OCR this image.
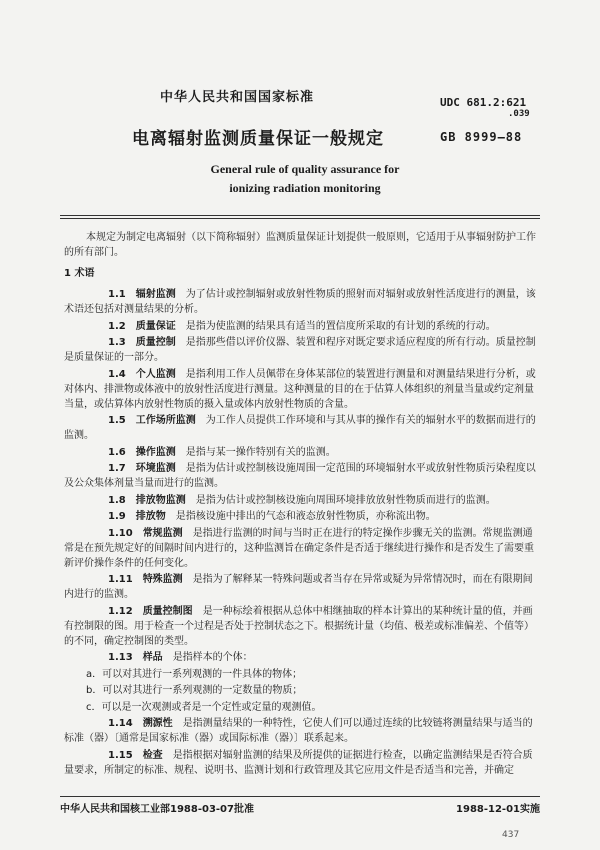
中华人民共和国国家标准	UDC 681.2:621
.039
电离辐射监测质量保证一般规定	GB 8999—88
General rule of quality assurance for
ionizing radiation monitoring

本规定为制定电离辐射（以下简称辐射）监测质量保证计划提供一般原则，它适用于从事辐射防护工作的所有部门。

1 术语

1.1  辐射监测  为了估计或控制辐射或放射性物质的照射而对辐射或放射性活度进行的测量，该术语还包括对测量结果的分析。

1.2  质量保证  是指为使监测的结果具有适当的置信度所采取的有计划的系统的行动。

1.3  质量控制  是指那些借以评价仪器、装置和程序对既定要求适应程度的所有行动。质量控制是质量保证的一部分。

1.4  个人监测  是指利用工作人员佩带在身体某部位的装置进行测量和对测量结果进行分析，或对体内、排泄物或体液中的放射性活度进行测量。这种测量的目的在于估算人体组织的剂量当量或约定剂量当量，或估算体内放射性物质的摄入量或体内放射性物质的含量。

1.5  工作场所监测  为工作人员提供工作环境和与其从事的操作有关的辐射水平的数据而进行的监测。

1.6  操作监测  是指与某一操作特别有关的监测。

1.7  环境监测  是指为估计或控制核设施周围一定范围的环境辐射水平或放射性物质污染程度以及公众集体剂量当量而进行的监测。

1.8  排放物监测  是指为估计或控制核设施向周围环境排放放射性物质而进行的监测。

1.9  排放物  是指核设施中排出的气态和液态放射性物质，亦称流出物。

1.10  常规监测  是指进行监测的时间与当时正在进行的特定操作步骤无关的监测。常规监测通常是在预先规定好的间隔时间内进行的，这种监测旨在确定条件是否适于继续进行操作和是否发生了需要重新评价操作条件的任何变化。

1.11  特殊监测  是指为了解释某一特殊问题或者当存在异常或疑为异常情况时，而在有限期间内进行的监测。

1.12  质量控制图  是一种标绘着根据从总体中相继抽取的样本计算出的某种统计量的值，并画有控制限的图。用于检查一个过程是否处于控制状态之下。根据统计量（均值、极差或标准偏差、个值等）的不同，确定控制图的类型。

1.13  样品  是指样本的个体：

a．可以对其进行一系列观测的一件具体的物体；

b．可以对其进行一系列观测的一定数量的物质；

c．可以是一次观测或者是一个定性或定量的观测值。

1.14  溯源性  是指测量结果的一种特性，它使人们可以通过连续的比较链将测量结果与适当的标准（器）〔通常是国家标准（器）或国际标准（器）〕联系起来。

1.15  检查  是指根据对辐射监测的结果及所提供的证据进行检查，以确定监测结果是否符合质量要求，所制定的标准、规程、说明书、监测计划和行政管理及其它应用文件是否适当和完善，并确定

中华人民共和国核工业部1988-03-07批准	1988-12-01实施
437
